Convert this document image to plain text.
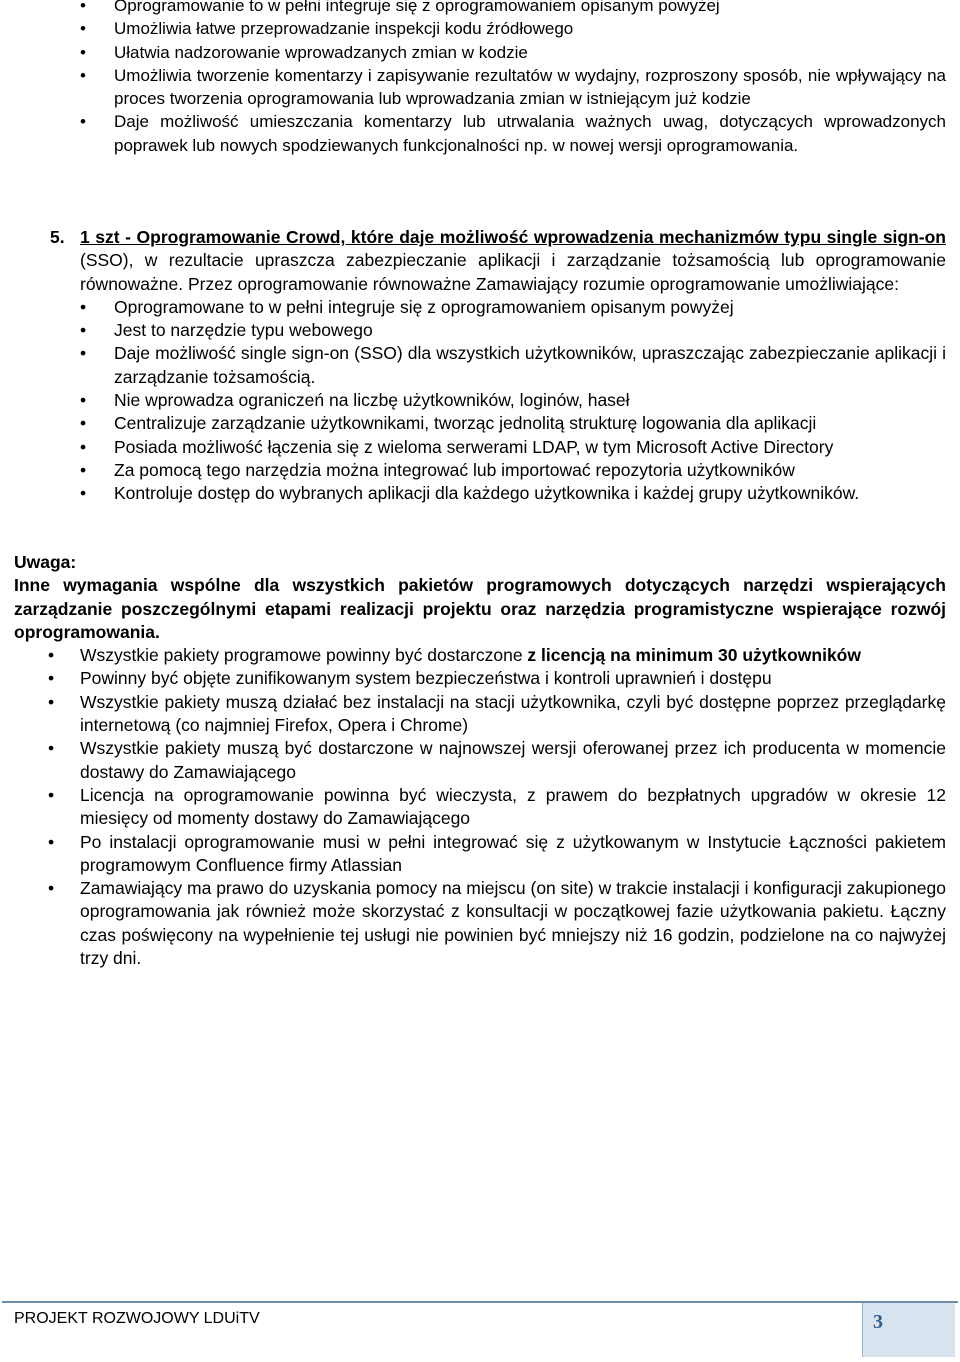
• Oprogramowanie to w pełni integruje się z oprogramowaniem opisanym powyżej
• Umożliwia łatwe przeprowadzanie inspekcji kodu źródłowego
• Ułatwia nadzorowanie wprowadzanych zmian w kodzie
• Umożliwia tworzenie komentarzy i zapisywanie rezultatów w wydajny, rozproszony sposób, nie wpływający na proces tworzenia oprogramowania lub wprowadzania zmian w istniejącym już kodzie
• Daje możliwość umieszczania komentarzy lub utrwalania ważnych uwag, dotyczących wprowadzonych poprawek lub nowych spodziewanych funkcjonalności np. w nowej wersji oprogramowania.
5. 1 szt - Oprogramowanie Crowd, które daje możliwość wprowadzenia mechanizmów typu single sign-on (SSO), w rezultacie upraszcza zabezpieczanie aplikacji i zarządzanie tożsamością lub oprogramowanie równoważne. Przez oprogramowanie równoważne Zamawiający rozumie oprogramowanie umożliwiające:
• Oprogramowane to w pełni integruje się z oprogramowaniem opisanym powyżej
• Jest to narzędzie typu webowego
• Daje możliwość single sign-on (SSO) dla wszystkich użytkowników, upraszczając zabezpieczanie aplikacji i zarządzanie tożsamością.
• Nie wprowadza ograniczeń na liczbę użytkowników, loginów, haseł
• Centralizuje zarządzanie użytkownikami, tworząc jednolitą strukturę logowania dla aplikacji
• Posiada możliwość łączenia się z wieloma serwerami LDAP, w tym Microsoft Active Directory
• Za pomocą tego narzędzia można integrować lub importować repozytoria użytkowników
• Kontroluje dostęp do wybranych aplikacji dla każdego użytkownika i każdej grupy użytkowników.
Uwaga:

Inne wymagania wspólne dla wszystkich pakietów programowych dotyczących narzędzi wspierających zarządzanie poszczególnymi etapami realizacji projektu oraz narzędzia programistyczne wspierające rozwój oprogramowania.

• Wszystkie pakiety programowe powinny być dostarczone z licencją na minimum 30 użytkowników
• Powinny być objęte zunifikowanym system bezpieczeństwa i kontroli uprawnień i dostępu
• Wszystkie pakiety muszą działać bez instalacji na stacji użytkownika, czyli być dostępne poprzez przeglądarkę internetową (co najmniej Firefox, Opera i Chrome)
• Wszystkie pakiety muszą być dostarczone w najnowszej wersji oferowanej przez ich producenta w momencie dostawy do Zamawiającego
• Licencja na oprogramowanie powinna być wieczysta, z prawem do bezpłatnych upgradów w okresie 12 miesięcy od momenty dostawy do Zamawiającego
• Po instalacji oprogramowanie musi w pełni integrować się z użytkowanym w Instytucie Łączności pakietem programowym Confluence firmy Atlassian
• Zamawiający ma prawo do uzyskania pomocy na miejscu (on site) w trakcie instalacji i konfiguracji zakupionego oprogramowania jak również może skorzystać z konsultacji w początkowej fazie użytkowania pakietu. Łączny czas poświęcony na wypełnienie tej usługi nie powinien być mniejszy niż 16 godzin, podzielone na co najwyżej trzy dni.
PROJEKT ROZWOJOWY LDUiTV	3
